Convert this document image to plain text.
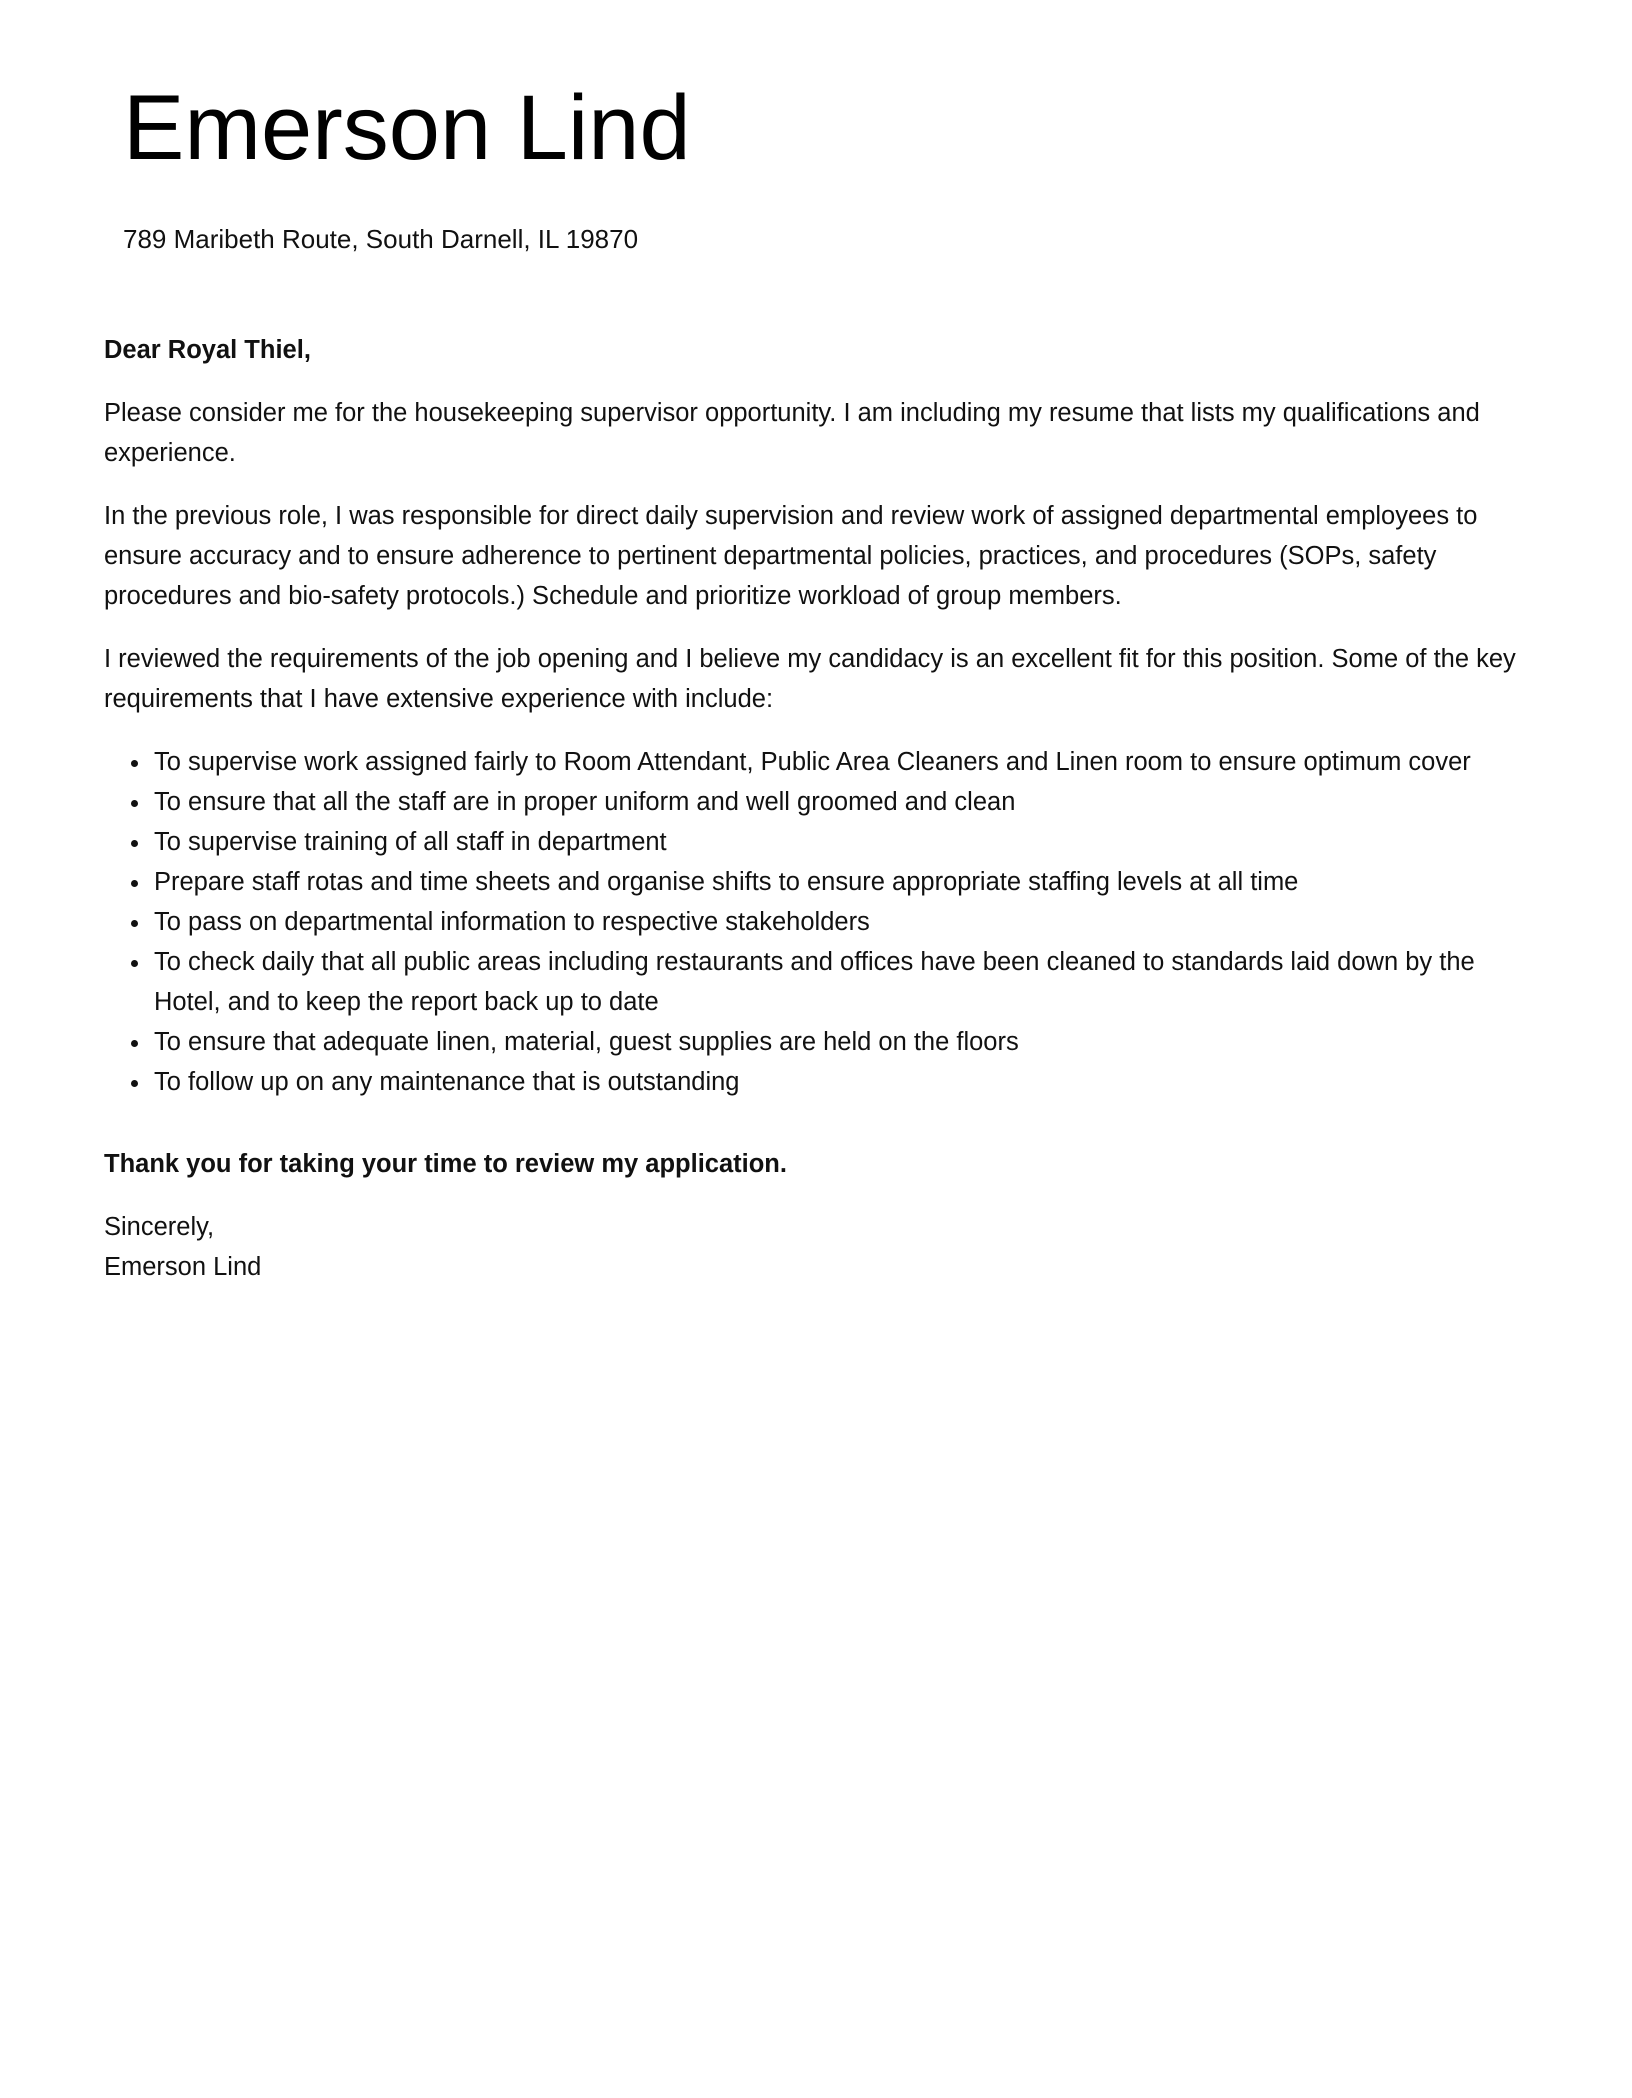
Emerson Lind
789 Maribeth Route, South Darnell, IL 19870

Dear Royal Thiel,

Please consider me for the housekeeping supervisor opportunity. I am including my resume that lists my qualifications and experience.

In the previous role, I was responsible for direct daily supervision and review work of assigned departmental employees to ensure accuracy and to ensure adherence to pertinent departmental policies, practices, and procedures (SOPs, safety procedures and bio-safety protocols.) Schedule and prioritize workload of group members.

I reviewed the requirements of the job opening and I believe my candidacy is an excellent fit for this position. Some of the key requirements that I have extensive experience with include:

• To supervise work assigned fairly to Room Attendant, Public Area Cleaners and Linen room to ensure optimum cover
• To ensure that all the staff are in proper uniform and well groomed and clean
• To supervise training of all staff in department
• Prepare staff rotas and time sheets and organise shifts to ensure appropriate staffing levels at all time
• To pass on departmental information to respective stakeholders
• To check daily that all public areas including restaurants and offices have been cleaned to standards laid down by the Hotel, and to keep the report back up to date
• To ensure that adequate linen, material, guest supplies are held on the floors
• To follow up on any maintenance that is outstanding

Thank you for taking your time to review my application.

Sincerely,

Emerson Lind
